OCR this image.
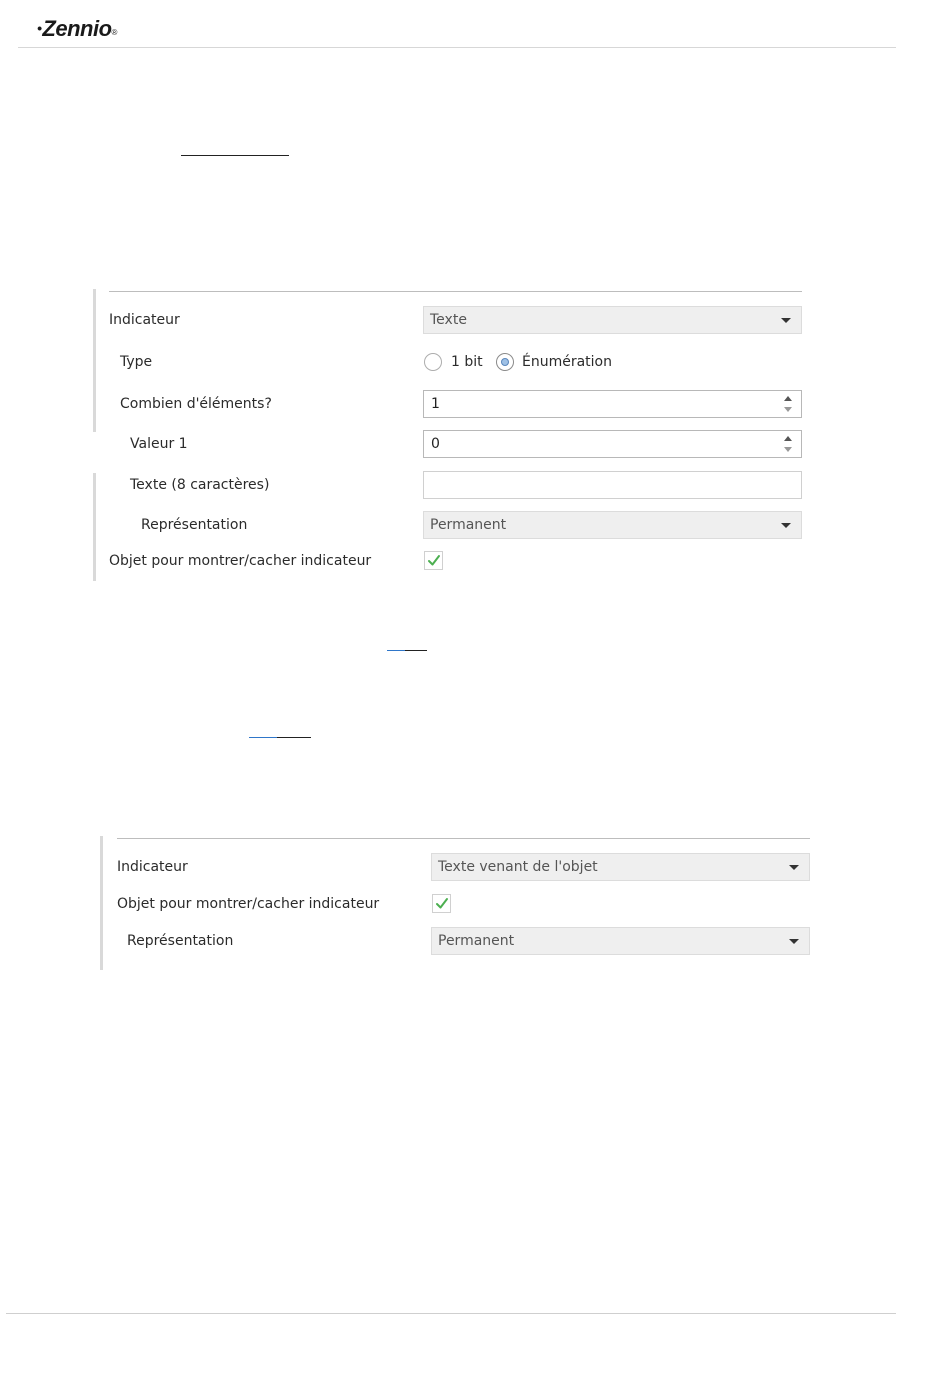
•Zennio®
Indicateur	Texte
Type	1 bit	Énumération
Combien d'éléments?	1
Valeur 1	0
Texte (8 caractères)
Représentation	Permanent
Objet pour montrer/cacher indicateur
Indicateur	Texte venant de l'objet
Objet pour montrer/cacher indicateur
Représentation	Permanent
